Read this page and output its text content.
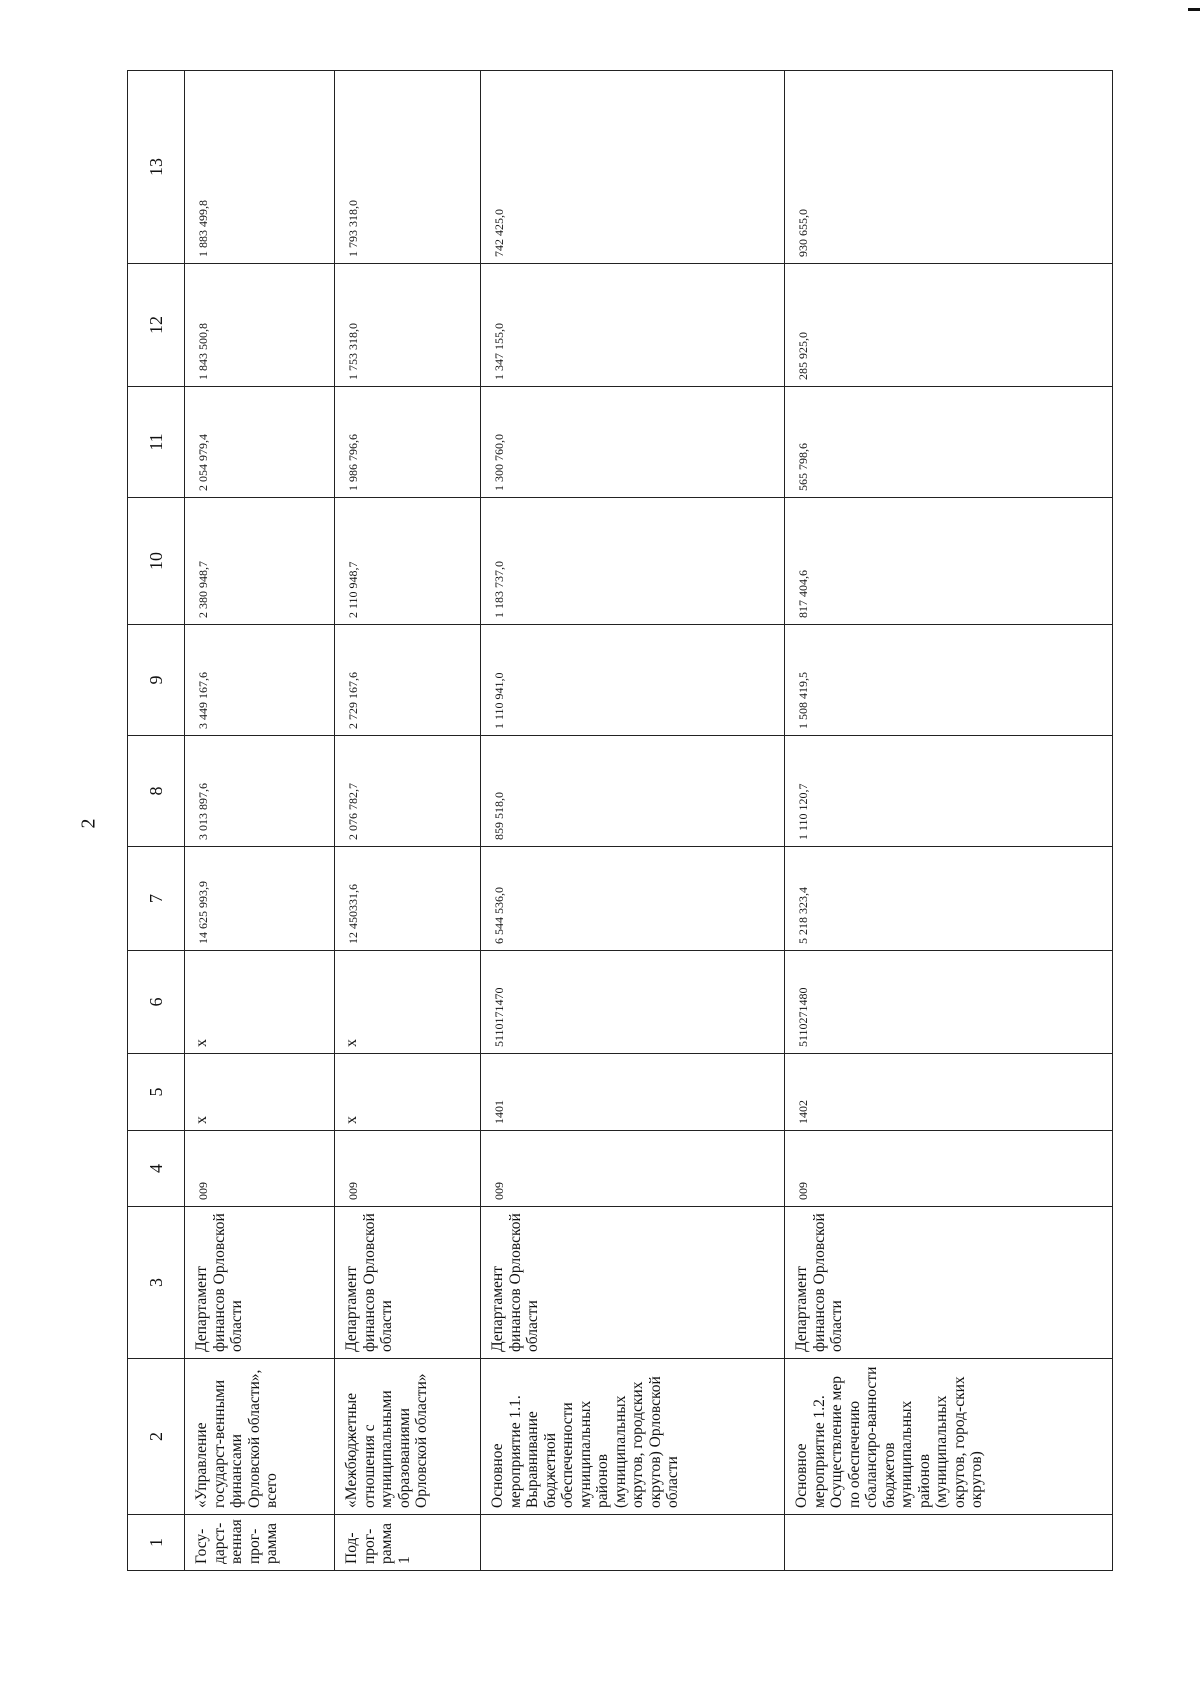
2
1	2	3	4	5	6	7	8	9	10	11	12	13
Госу-дарст-венная прог-рамма	«Управление государст-венными финансами Орловской области», всего	Департамент финансов Орловской области	009	х	х	14 625 993,9	3 013 897,6	3 449 167,6	2 380 948,7	2 054 979,4	1 843 500,8	1 883 499,8
Под-прог-рамма 1	«Межбюджетные отношения с муниципальными образованиями Орловской области»	Департамент финансов Орловской области	009	х	х	12 450331,6	2 076 782,7	2 729 167,6	2 110 948,7	1 986 796,6	1 753 318,0	1 793 318,0
	Основное мероприятие 1.1. Выравнивание бюджетной обеспеченности муниципальных районов (муниципальных округов, городских округов) Орловской области	Департамент финансов Орловской области	009	1401	5110171470	6 544 536,0	859 518,0	1 110 941,0	1 183 737,0	1 300 760,0	1 347 155,0	742 425,0
	Основное мероприятие 1.2. Осуществление мер по обеспечению сбалансиро-ванности бюджетов муниципальных районов (муниципальных округов, город-ских округов)	Департамент финансов Орловской области	009	1402	5110271480	5 218 323,4	1 110 120,7	1 508 419,5	817 404,6	565 798,6	285 925,0	930 655,0
